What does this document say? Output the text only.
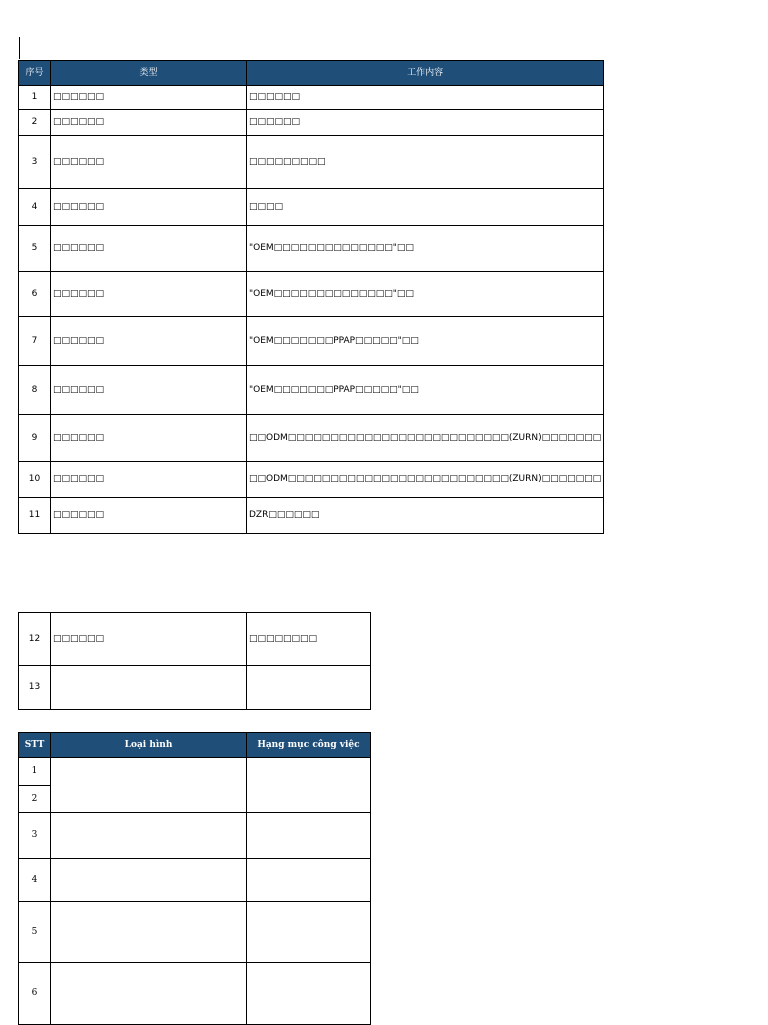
序号	类型	工作内容
1	□□□□□□	□□□□□□
2	□□□□□□	□□□□□□
3	□□□□□□	□□□□□□□□□
4	□□□□□□	□□□□
5	□□□□□□	"OEM□□□□□□□□□□□□□□"□□
6	□□□□□□	"OEM□□□□□□□□□□□□□□"□□
7	□□□□□□	"OEM□□□□□□□PPAP□□□□□"□□
8	□□□□□□	"OEM□□□□□□□PPAP□□□□□"□□
9	□□□□□□	□□ODM□□□□□□□□□□□□□□□□□□□□□□□□□□(ZURN)□□□□□□□
10	□□□□□□	□□ODM□□□□□□□□□□□□□□□□□□□□□□□□□□(ZURN)□□□□□□□
11	□□□□□□	DZR□□□□□□
12	□□□□□□	□□□□□□□□
13		
STT	Loại hình	Hạng mục công việc
1		
2		
3		
4		
5		
6		
